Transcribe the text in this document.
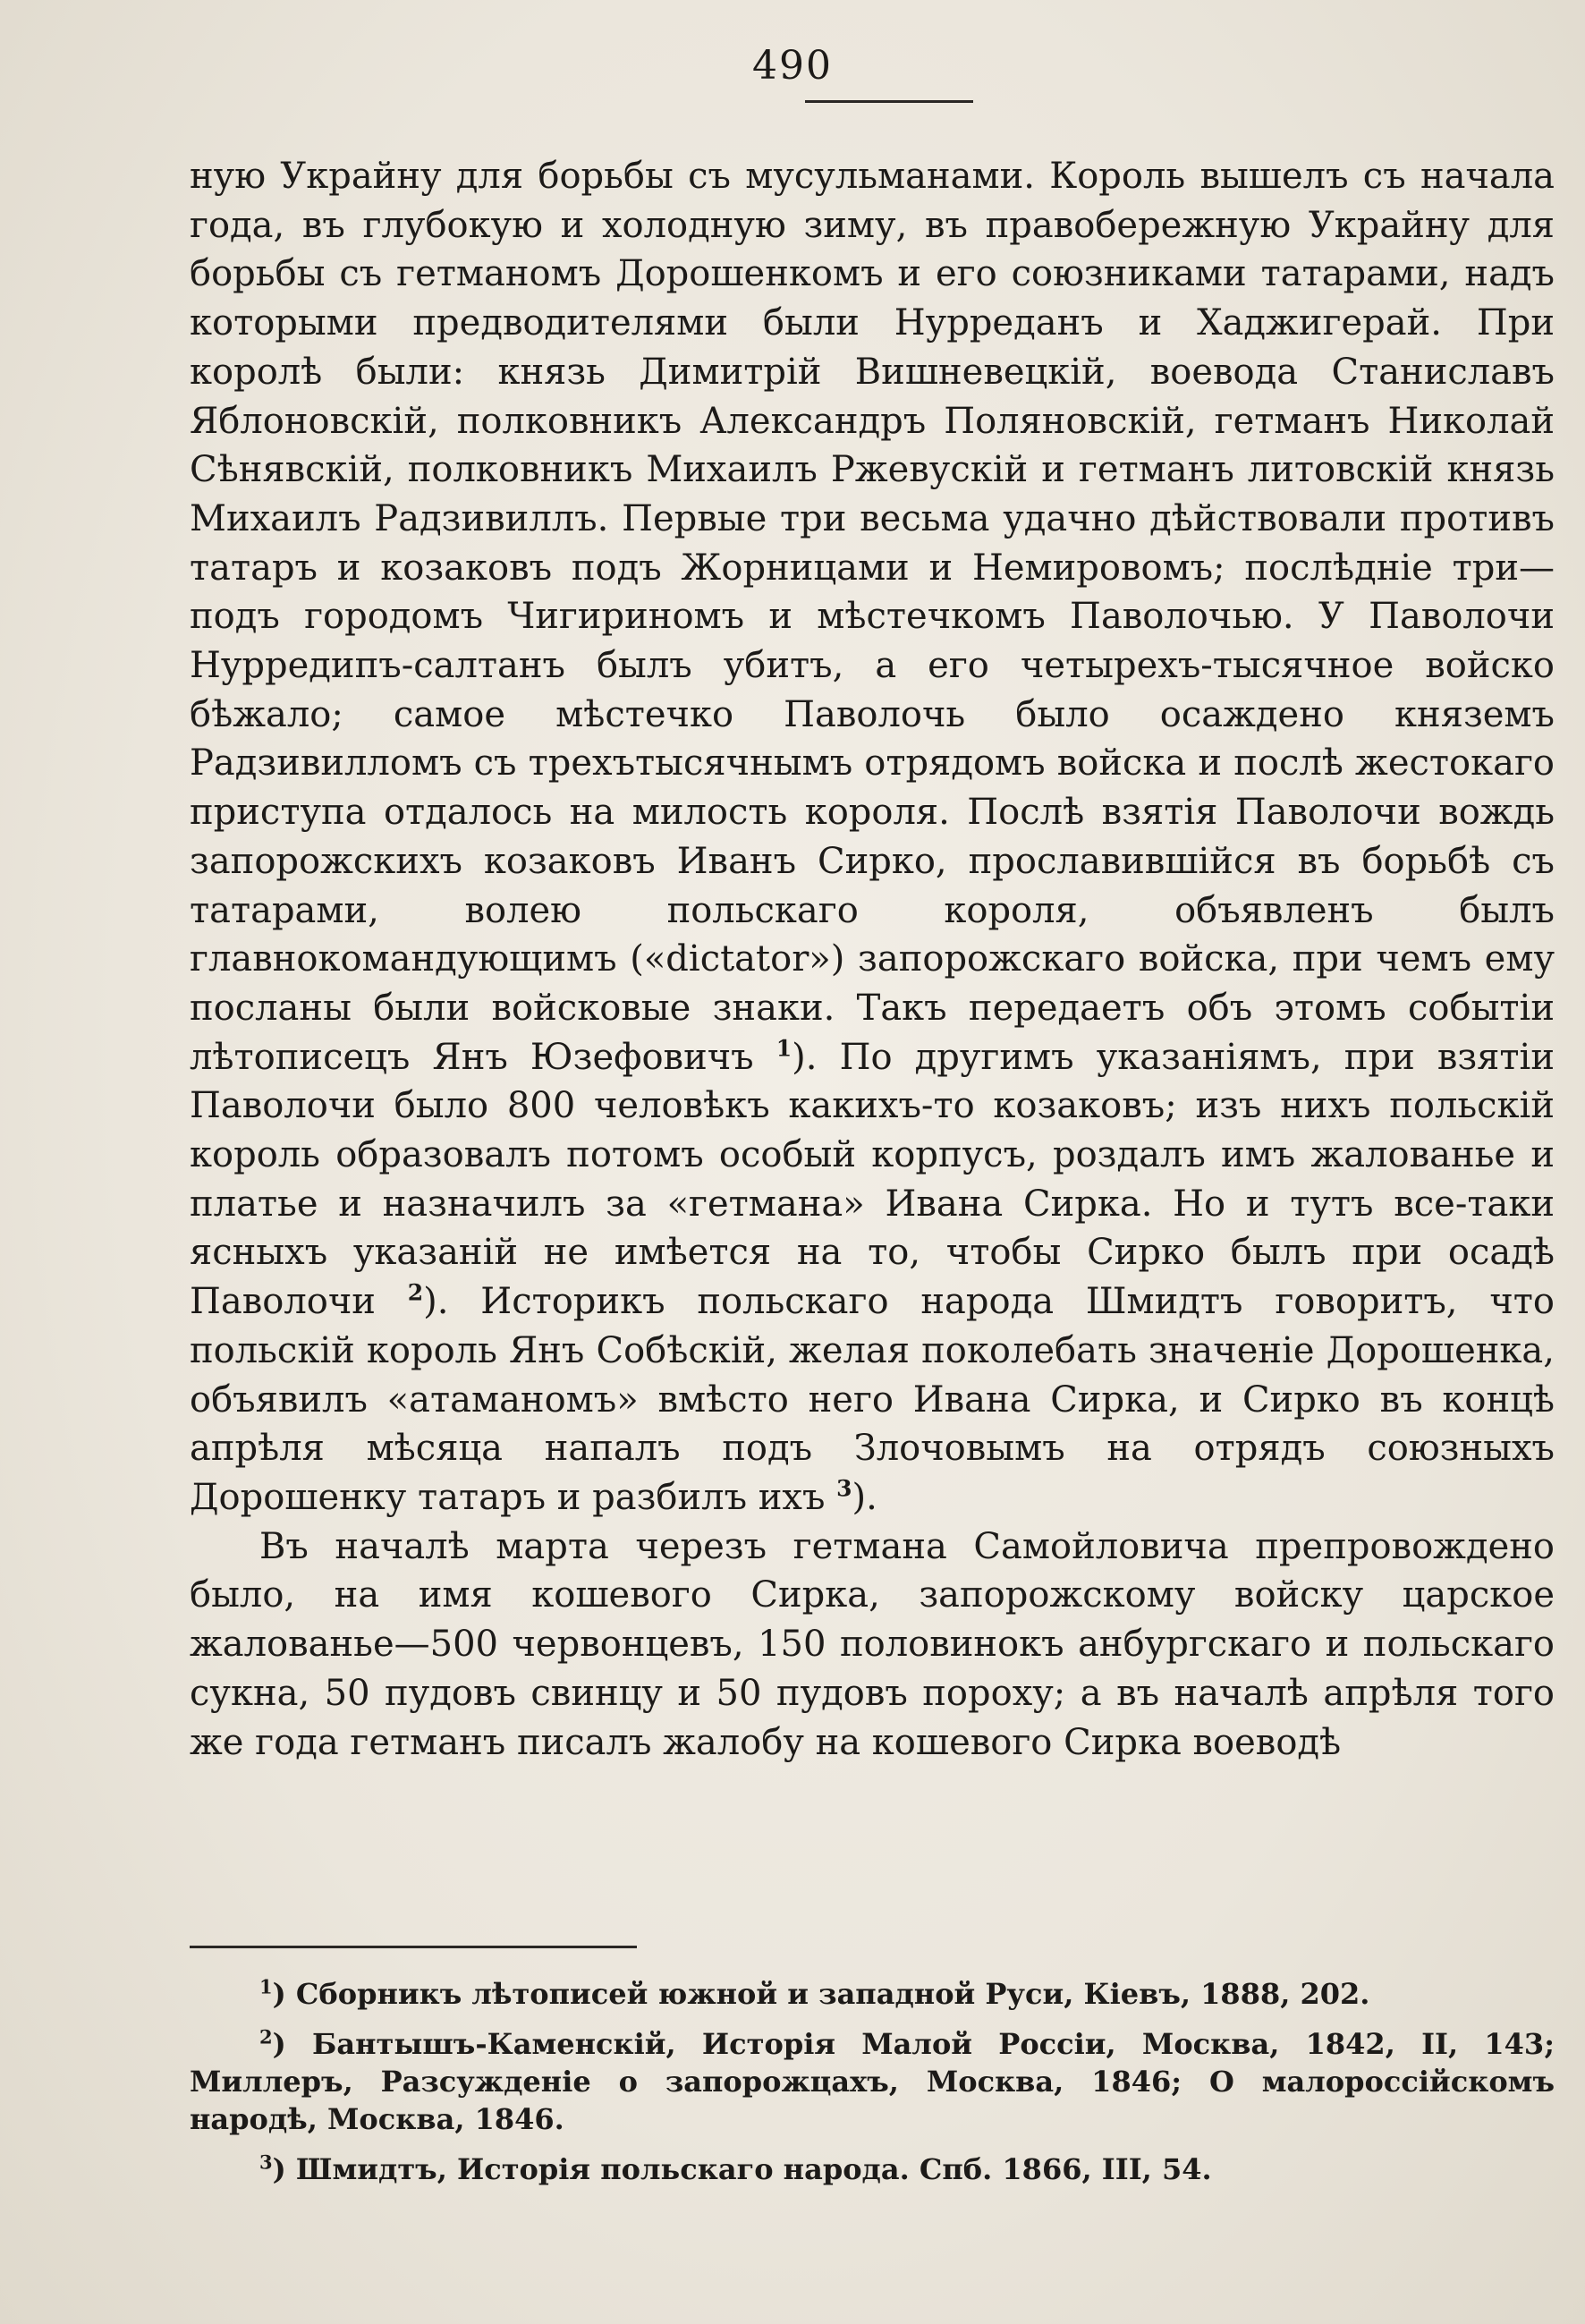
490

ную Украйну для борьбы съ мусульманами. Король вышелъ съ начала года, въ глубокую и холодную зиму, въ правобережную Украйну для борьбы съ гетманомъ Дорошенкомъ и его союзниками татарами, надъ которыми предводителями были Нурреданъ и Хаджигерай. При королѣ были: князь Димитрій Вишневецкій, воевода Станиславъ Яблоновскій, полковникъ Александръ Поляновскій, гетманъ Николай Сѣнявскій, полковникъ Михаилъ Ржевускій и гетманъ литовскій князь Михаилъ Радзивиллъ. Первые три весьма удачно дѣйствовали противъ татаръ и козаковъ подъ Жорницами и Немировомъ; послѣдніе три—подъ городомъ Чигириномъ и мѣстечкомъ Паволочью. У Паволочи Нурредипъ-салтанъ былъ убитъ, а его четырехъ-тысячное войско бѣжало; самое мѣстечко Паволочь было осаждено княземъ Радзивилломъ съ трехътысячнымъ отрядомъ войска и послѣ жестокаго приступа отдалось на милость короля. Послѣ взятія Паволочи вождь запорожскихъ козаковъ Иванъ Сирко, прославившійся въ борьбѣ съ татарами, волею польскаго короля, объявленъ былъ главнокомандующимъ («dictator») запорожскаго войска, при чемъ ему посланы были войсковые знаки. Такъ передаетъ объ этомъ событіи лѣтописецъ Янъ Юзефовичъ $^1$). По другимъ указаніямъ, при взятіи Паволочи было 800 человѣкъ какихъ-то козаковъ; изъ нихъ польскій король образовалъ потомъ особый корпусъ, роздалъ имъ жалованье и платье и назначилъ за «гетмана» Ивана Сирка. Но и тутъ все-таки ясныхъ указаній не имѣется на то, чтобы Сирко былъ при осадѣ Паволочи $^2$). Историкъ польскаго народа Шмидтъ говоритъ, что польскій король Янъ Собѣскій, желая поколебать значеніе Дорошенка, объявилъ «атаманомъ» вмѣсто него Ивана Сирка, и Сирко въ концѣ апрѣля мѣсяца напалъ подъ Злочовымъ на отрядъ союзныхъ Дорошенку татаръ и разбилъ ихъ $^3$).

Въ началѣ марта черезъ гетмана Самойловича препровождено было, на имя кошевого Сирка, запорожскому войску царское жалованье—500 червонцевъ, 150 половинокъ анбургскаго и польскаго сукна, 50 пудовъ свинцу и 50 пудовъ пороху; а въ началѣ апрѣля того же года гетманъ писалъ жалобу на кошевого Сирка воеводѣ

$^1$) Сборникъ лѣтописей южной и западной Руси, Кіевъ, 1888, 202.

$^2$) Бантышъ-Каменскій, Исторія Малой Россіи, Москва, 1842, II, 143; Миллеръ, Разсужденіе о запорожцахъ, Москва, 1846; О малороссійскомъ народѣ, Москва, 1846.

$^3$) Шмидтъ, Исторія польскаго народа. Спб. 1866, III, 54.
